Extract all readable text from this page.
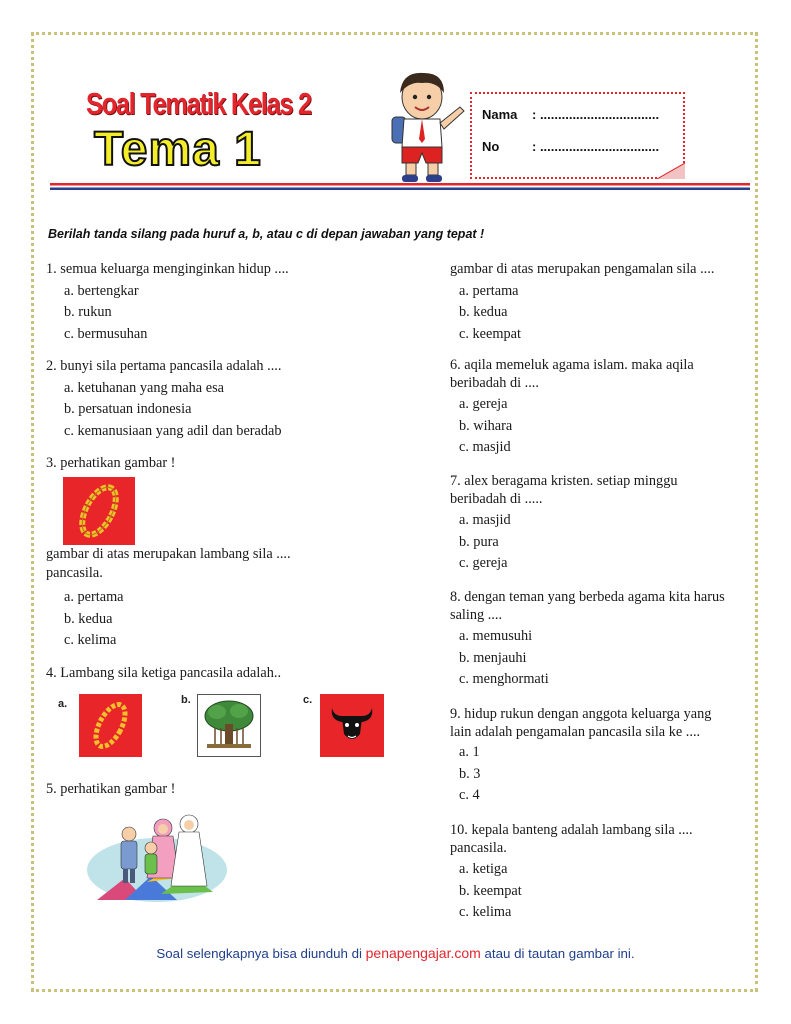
Soal Tematik Kelas 2
Tema 1
Nama : .................................
No	: .................................
Berilah tanda silang pada huruf a, b, atau c di depan jawaban yang tepat !

1. semua keluarga menginginkan hidup ....

a. bertengkar

b. rukun

c. bermusuhan

2. bunyi sila pertama pancasila adalah ....

a. ketuhanan yang maha esa

b. persatuan indonesia

c. kemanusiaan yang adil dan beradab

3. perhatikan gambar !

gambar di atas merupakan lambang sila ....

pancasila.

a. pertama

b. kedua

c. kelima

4. Lambang sila ketiga pancasila adalah..

a.	b.	c.

5. perhatikan gambar !

gambar di atas merupakan pengamalan sila ....

a. pertama

b. kedua

c. keempat

6. aqila memeluk agama islam. maka aqila

beribadah di ....

a. gereja

b. wihara

c. masjid

7. alex beragama kristen. setiap minggu

beribadah di .....

a. masjid

b. pura

c. gereja

8. dengan teman yang berbeda agama kita harus

saling ....

a. memusuhi

b. menjauhi

c. menghormati

9. hidup rukun dengan anggota keluarga yang

lain adalah pengamalan pancasila sila ke ....

a. 1

b. 3

c. 4

10. kepala banteng adalah lambang sila ....

pancasila.

a. ketiga

b. keempat

c. kelima

Soal selengkapnya bisa diunduh di penapengajar.com atau di tautan gambar ini.
